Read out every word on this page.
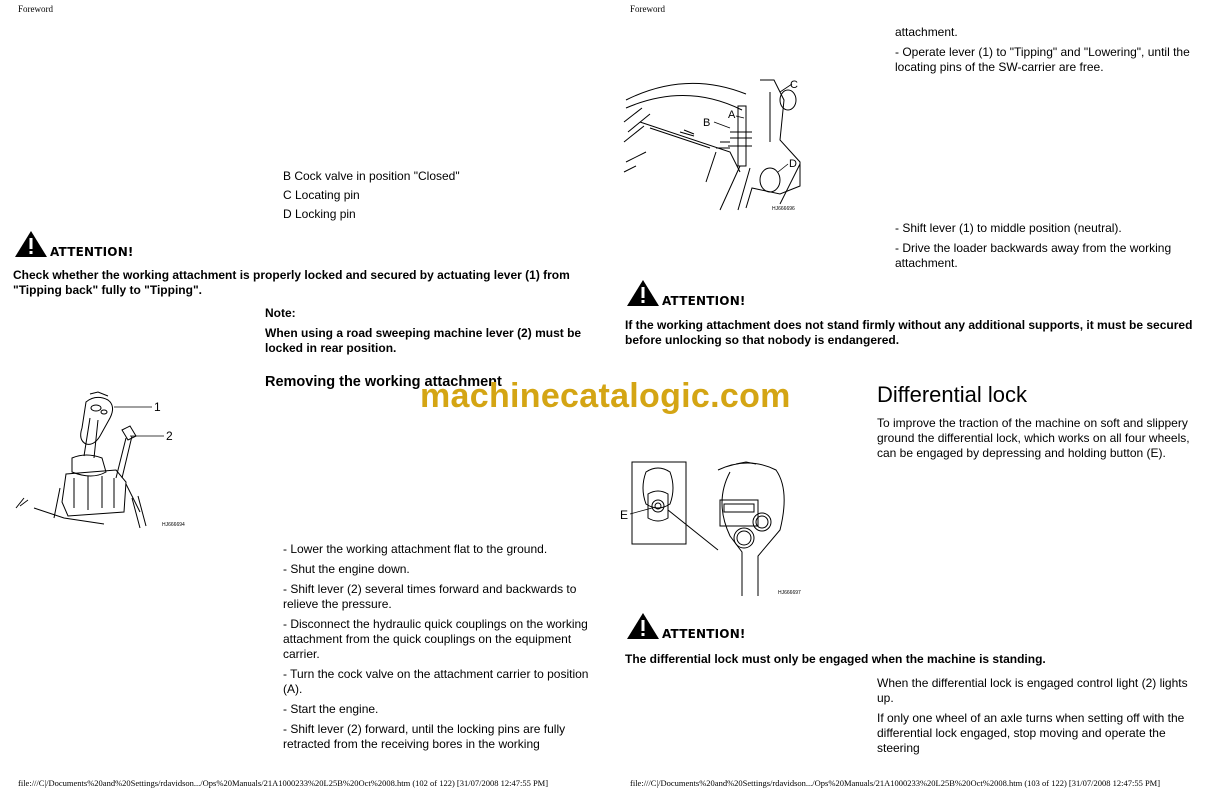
Foreword

B Cock valve in position "Closed"

C Locating pin

D Locking pin

ATTENTION!

Check whether the working attachment is properly locked and secured by actuating lever (1) from "Tipping back" fully to "Tipping".

Note:

When using a road sweeping machine lever (2) must be locked in rear position.

Removing the working attachment
1
2
HJ666694

- Lower the working attachment flat to the ground.

- Shut the engine down.

- Shift lever (2) several times forward and backwards to relieve the pressure.

- Disconnect the hydraulic quick couplings on the working attachment from the quick couplings on the equipment carrier.

- Turn the cock valve on the attachment carrier to position (A).

- Start the engine.

- Shift lever (2) forward, until the locking pins are fully retracted from the receiving bores in the working

file:///C|/Documents%20and%20Settings/rdavidson.../Ops%20Manuals/21A1000233%20L25B%20Oct%2008.htm (102 of 122) [31/07/2008 12:47:55 PM]
Foreword

attachment.

- Operate lever (1) to "Tipping" and "Lowering", until the locating pins of the SW-carrier are free.

C
A
B
D
HJ666696

- Shift lever (1) to middle position (neutral).

- Drive the loader backwards away from the working attachment.

ATTENTION!

If the working attachment does not stand firmly without any additional supports, it must be secured before unlocking so that nobody is endangered.

Differential lock

To improve the traction of the machine on soft and slippery ground the differential lock, which works on all four wheels, can be engaged by depressing and holding button (E).

E
HJ666697
ATTENTION!

The differential lock must only be engaged when the machine is standing.

When the differential lock is engaged control light (2) lights up.

If only one wheel of an axle turns when setting off with the differential lock engaged, stop moving and operate the steering

file:///C|/Documents%20and%20Settings/rdavidson.../Ops%20Manuals/21A1000233%20L25B%20Oct%2008.htm (103 of 122) [31/07/2008 12:47:55 PM]
machinecatalogic.com
